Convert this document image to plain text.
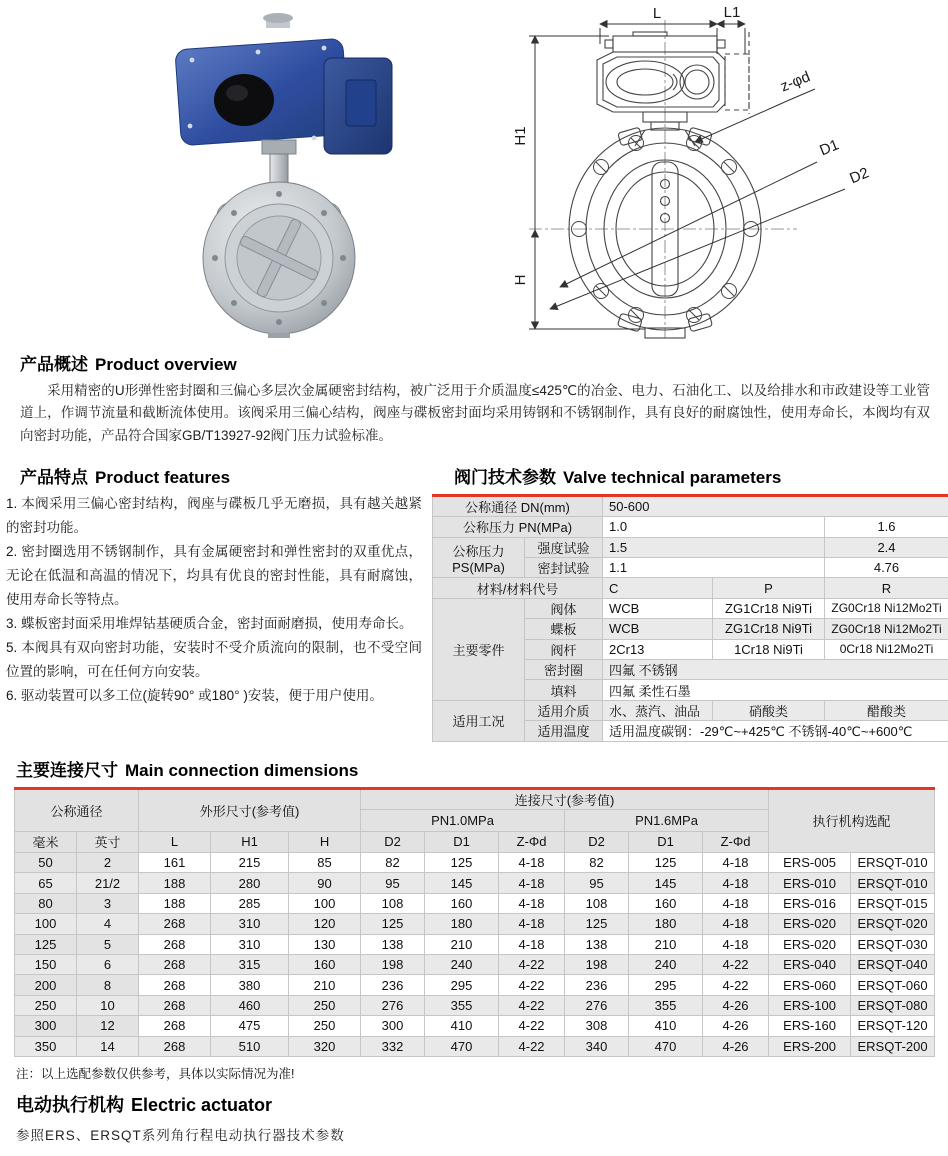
L	L1
H1
H
z-φd
D1
D2
产品概述 Product overview

采用精密的U形弹性密封圈和三偏心多层次金属硬密封结构，被广泛用于介质温度≤425℃的冶金、电力、石油化工、以及给排水和市政建设等工业管道上，作调节流量和截断流体使用。该阀采用三偏心结构，阀座与碟板密封面均采用铸钢和不锈钢制作，具有良好的耐腐蚀性，使用寿命长，本阀均有双向密封功能，产品符合国家GB/T13927-92阀门压力试验标准。

产品特点 Product features

1. 本阀采用三偏心密封结构，阀座与碟板几乎无磨损，具有越关越紧的密封功能。

2. 密封圈选用不锈钢制作，具有金属硬密封和弹性密封的双重优点，无论在低温和高温的情况下，均具有优良的密封性能，具有耐腐蚀，使用寿命长等特点。

3. 蝶板密封面采用堆焊钴基硬质合金，密封面耐磨损，使用寿命长。

5. 本阀具有双向密封功能，安装时不受介质流向的限制，也不受空间位置的影响，可在任何方向安装。

6. 驱动装置可以多工位(旋转90° 或180° )安装，便于用户使用。

阀门技术参数 Valve technical parameters
公称通径 DN(mm)		50-600		
公称压力 PN(MPa)		1.0		1.6
公称压力 PS(MPa)	强度试验	1.5		2.4
	密封试验	1.1		4.76
材料/材料代号		C	P	R
主要零件	阀体	WCB	ZG1Cr18 Ni9Ti	ZG0Cr18 Ni12Mo2Ti
	蝶板	WCB	ZG1Cr18 Ni9Ti	ZG0Cr18 Ni12Mo2Ti
	阀杆	2Cr13	1Cr18 Ni9Ti	0Cr18 Ni12Mo2Ti
	密封圈	四氟 不锈钢		
	填料	四氟 柔性石墨		
适用工况	适用介质	水、蒸汽、油品	硝酸类	醋酸类
	适用温度	适用温度碳钢：-29℃~+425℃ 不锈钢-40℃~+600℃		
主要连接尺寸 Main connection dimensions
公称通径		外形尺寸(参考值)			连接尺寸(参考值)						执行机构选配	
					PN1.0MPa			PN1.6MPa				
毫米	英寸	L	H1	H	D2	D1	Z-Φd	D2	D1	Z-Φd		
50	2	161	215	85	82	125	4-18	82	125	4-18	ERS-005	ERSQT-010
65	21/2	188	280	90	95	145	4-18	95	145	4-18	ERS-010	ERSQT-010
80	3	188	285	100	108	160	4-18	108	160	4-18	ERS-016	ERSQT-015
100	4	268	310	120	125	180	4-18	125	180	4-18	ERS-020	ERSQT-020
125	5	268	310	130	138	210	4-18	138	210	4-18	ERS-020	ERSQT-030
150	6	268	315	160	198	240	4-22	198	240	4-22	ERS-040	ERSQT-040
200	8	268	380	210	236	295	4-22	236	295	4-22	ERS-060	ERSQT-060
250	10	268	460	250	276	355	4-22	276	355	4-26	ERS-100	ERSQT-080
300	12	268	475	250	300	410	4-22	308	410	4-26	ERS-160	ERSQT-120
350	14	268	510	320	332	470	4-22	340	470	4-26	ERS-200	ERSQT-200
注：以上选配参数仅供参考，具体以实际情况为准!
电动执行机构 Electric actuator
参照ERS、ERSQT系列角行程电动执行器技术参数
